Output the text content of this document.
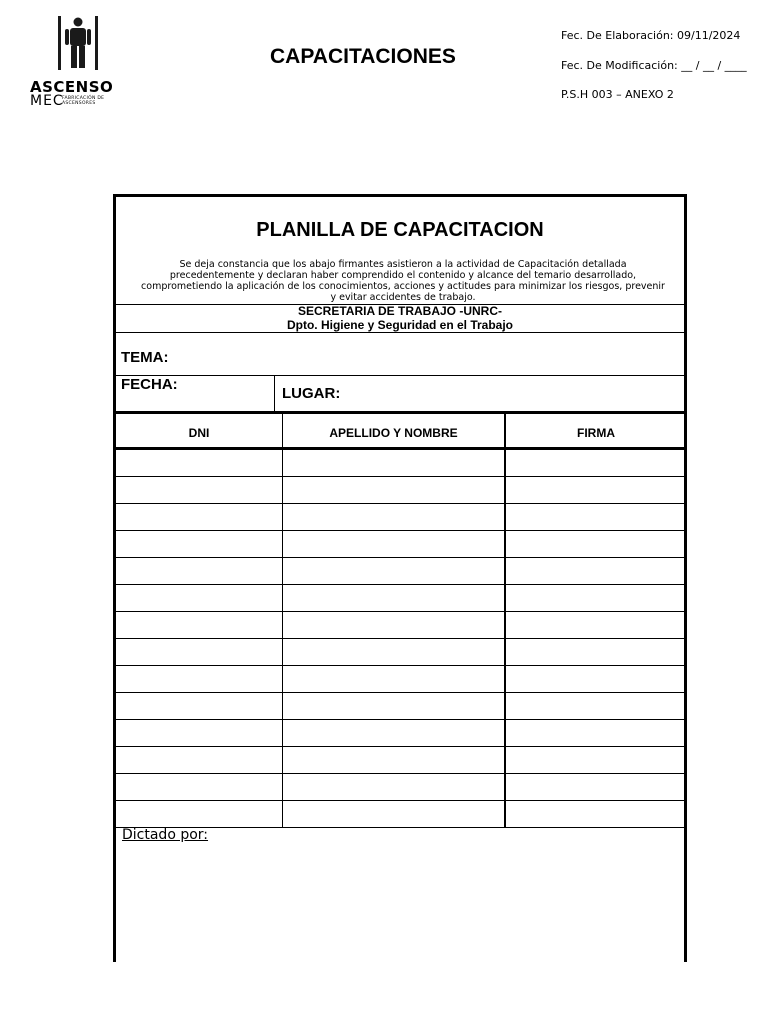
ASCENSO
MEC
FABRICACIÓN DE ASCENSORES
CAPACITACIONES
Fec. De Elaboración: 09/11/2024
Fec. De Modificación: __ / __ / ____
P.S.H 003 – ANEXO 2
PLANILLA DE CAPACITACION
Se deja constancia que los abajo firmantes asistieron a la actividad de Capacitación detallada precedentemente y declaran haber comprendido el contenido y alcance del temario desarrollado, comprometiendo la aplicación de los conocimientos, acciones y actitudes para minimizar los riesgos, prevenir y evitar accidentes de trabajo.
SECRETARIA DE TRABAJO -UNRC-
Dpto. Higiene y Seguridad en el Trabajo
TEMA:
FECHA:
LUGAR:
DNI	APELLIDO Y NOMBRE	FIRMA
Dictado por:
